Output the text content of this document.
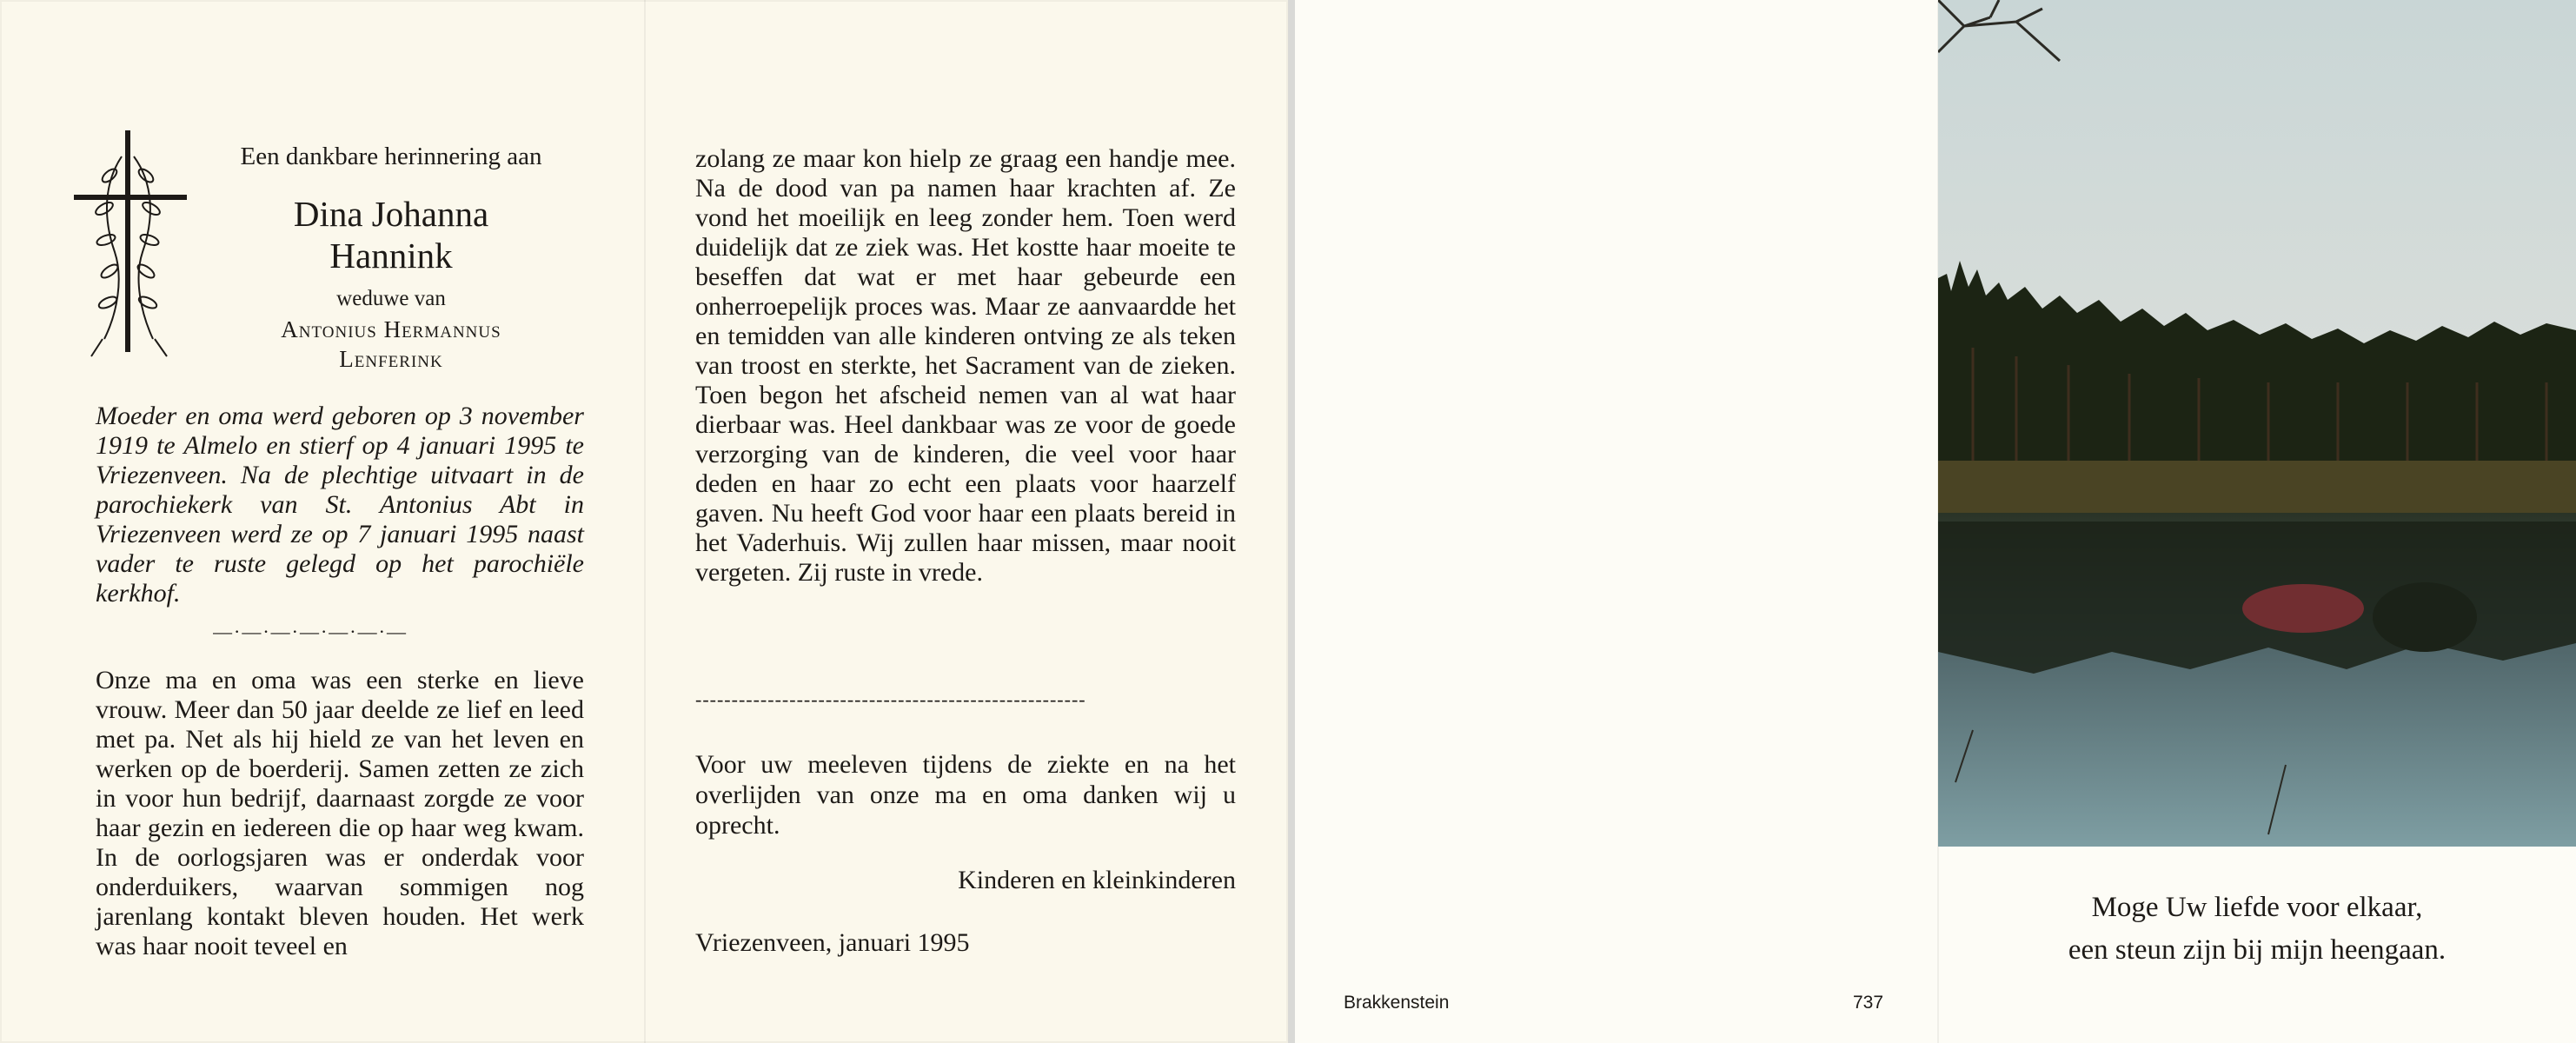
Een dankbare herinnering aan
Dina Johanna
Hannink
weduwe van
Antonius Hermannus
Lenferink
Moeder en oma werd geboren op 3 november 1919 te Almelo en stierf op 4 januari 1995 te Vriezenveen. Na de plechtige uitvaart in de parochiekerk van St. Antonius Abt in Vriezenveen werd ze op 7 januari 1995 naast vader te ruste gelegd op het parochiële kerkhof.
—·—·—·—·—·—·—
Onze ma en oma was een sterke en lieve vrouw. Meer dan 50 jaar deelde ze lief en leed met pa. Net als hij hield ze van het leven en werken op de boerderij. Samen zetten ze zich in voor hun bedrijf, daarnaast zorgde ze voor haar gezin en iedereen die op haar weg kwam. In de oorlogsjaren was er onderdak voor onderduikers, waarvan sommigen nog jarenlang kontakt bleven houden. Het werk was haar nooit teveel en
zolang ze maar kon hielp ze graag een handje mee. Na de dood van pa namen haar krachten af. Ze vond het moeilijk en leeg zonder hem. Toen werd duidelijk dat ze ziek was. Het kostte haar moeite te beseffen dat wat er met haar gebeurde een onherroepelijk proces was. Maar ze aanvaardde het en temidden van alle kinderen ontving ze als teken van troost en sterkte, het Sacrament van de zieken. Toen begon het afscheid nemen van al wat haar dierbaar was. Heel dankbaar was ze voor de goede verzorging van de kinderen, die veel voor haar deden en haar zo echt een plaats voor haarzelf gaven. Nu heeft God voor haar een plaats bereid in het Vaderhuis. Wij zullen haar missen, maar nooit vergeten. Zij ruste in vrede.
------------------------------------------------------
Voor uw meeleven tijdens de ziekte en na het overlijden van onze ma en oma danken wij u oprecht.
Kinderen en kleinkinderen
Vriezenveen, januari 1995
Brakkenstein	737
Moge Uw liefde voor elkaar,
een steun zijn bij mijn heengaan.
